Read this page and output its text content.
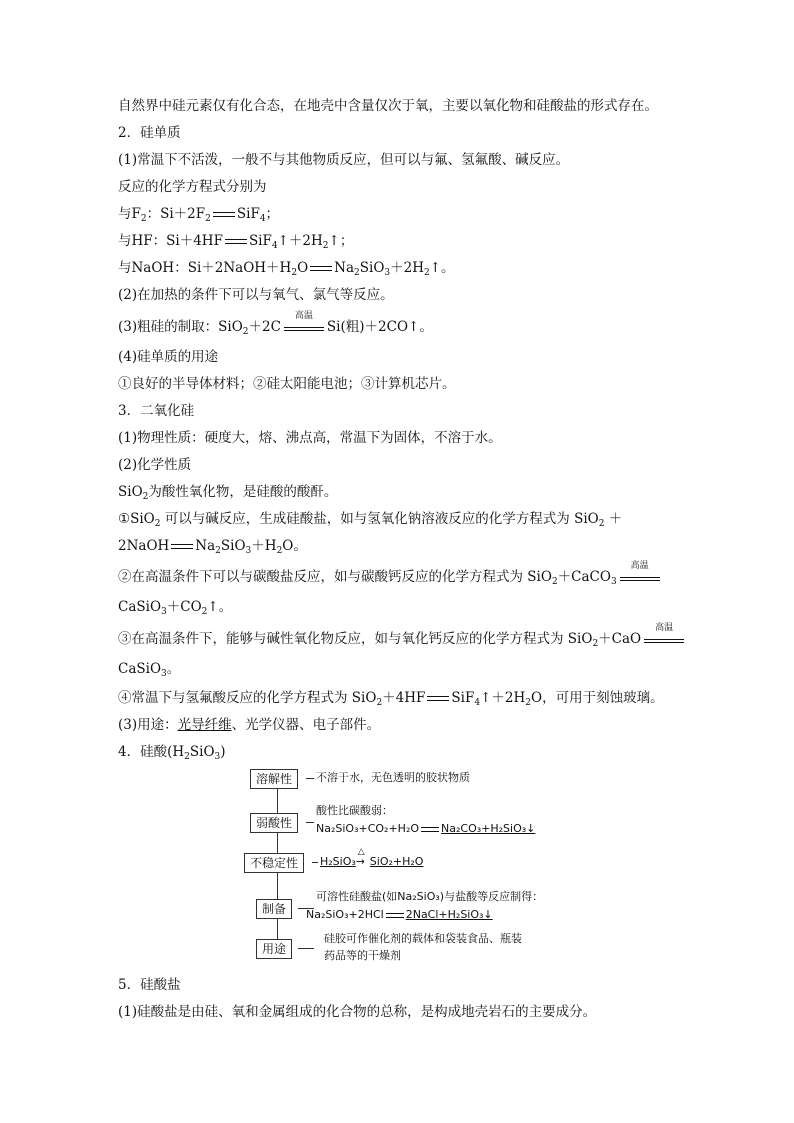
自然界中硅元素仅有化合态，在地壳中含量仅次于氧，主要以氧化物和硅酸盐的形式存在。
2．硅单质
(1)常温下不活泼，一般不与其他物质反应，但可以与氟、氢氟酸、碱反应。
反应的化学方程式分别为
与$F_2$：$Si+2F_2$ SiF$_4$；
与HF：Si＋4HF $SiF_4↑+2H_2↑$；
与NaOH：$Si+2NaOH+H_2O$ $Na_2SiO_3+2H_2↑$。
(2)在加热的条件下可以与氧气、氯气等反应。
(3)粗硅的制取：SiO$_2$＋2C
高温
Si(粗)＋2CO↑。
(4)硅单质的用途
①良好的半导体材料；②硅太阳能电池；③计算机芯片。
3．二氧化硅
(1)物理性质：硬度大，熔、沸点高，常温下为固体，不溶于水。
(2)化学性质
SiO$_2$为酸性氧化物，是硅酸的酸酐。
①SiO$_2$ 可以与碱反应，生成硅酸盐，如与氢氧化钠溶液反应的化学方程式为 SiO$_2$ ＋
2NaOH $Na_2SiO_3+H_2O$。
②在高温条件下可以与碳酸盐反应，如与碳酸钙反应的化学方程式为 SiO$_2$＋CaCO$_3$
高温
$CaSiO_3+CO_2↑$。
③在高温条件下，能够与碱性氧化物反应，如与氧化钙反应的化学方程式为 SiO$_2$＋CaO
高温
CaSiO$_3$。
④常温下与氢氟酸反应的化学方程式为 SiO$_2$＋4HF $SiF_4↑+2H_2O$，可用于刻蚀玻璃。
(3)用途：光导纤维、光学仪器、电子部件。
4．硅酸$(H_2SiO_3)$
溶解性	不溶于水，无色透明的胶状物质
弱酸性
酸性比碳酸弱：
Na₂SiO₃+CO₂+H₂O Na₂CO₃+H₂SiO₃↓
不稳定性	H₂SiO₃
△
→ SiO₂+H₂O
制备
可溶性硅酸盐(如Na₂SiO₃)与盐酸等反应制得：
Na₂SiO₃+2HCl 2NaCl+H₂SiO₃↓
用途
硅胶可作催化剂的载体和袋装食品、瓶装
药品等的干燥剂
5．硅酸盐
(1)硅酸盐是由硅、氧和金属组成的化合物的总称，是构成地壳岩石的主要成分。
